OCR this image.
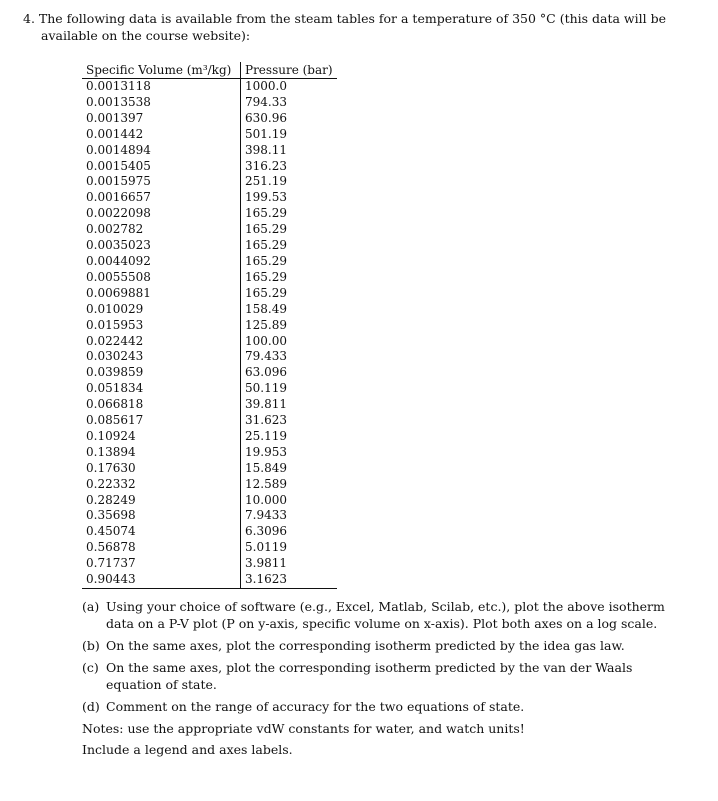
4. The following data is available from the steam tables for a temperature of 350 °C (this data will be
available on the course website):
Specific Volume (m³/kg)	Pressure (bar)
0.0013118	1000.0
0.0013538	794.33
0.001397	630.96
0.001442	501.19
0.0014894	398.11
0.0015405	316.23
0.0015975	251.19
0.0016657	199.53
0.0022098	165.29
0.002782	165.29
0.0035023	165.29
0.0044092	165.29
0.0055508	165.29
0.0069881	165.29
0.010029	158.49
0.015953	125.89
0.022442	100.00
0.030243	79.433
0.039859	63.096
0.051834	50.119
0.066818	39.811
0.085617	31.623
0.10924	25.119
0.13894	19.953
0.17630	15.849
0.22332	12.589
0.28249	10.000
0.35698	7.9433
0.45074	6.3096
0.56878	5.0119
0.71737	3.9811
0.90443	3.1623
(a) Using your choice of software (e.g., Excel, Matlab, Scilab, etc.), plot the above isotherm data on a P-V plot (P on y-axis, specific volume on x-axis). Plot both axes on a log scale.
(b) On the same axes, plot the corresponding isotherm predicted by the idea gas law.
(c) On the same axes, plot the corresponding isotherm predicted by the van der Waals equation of state.
(d) Comment on the range of accuracy for the two equations of state.

Notes: use the appropriate vdW constants for water, and watch units!

Include a legend and axes labels.
